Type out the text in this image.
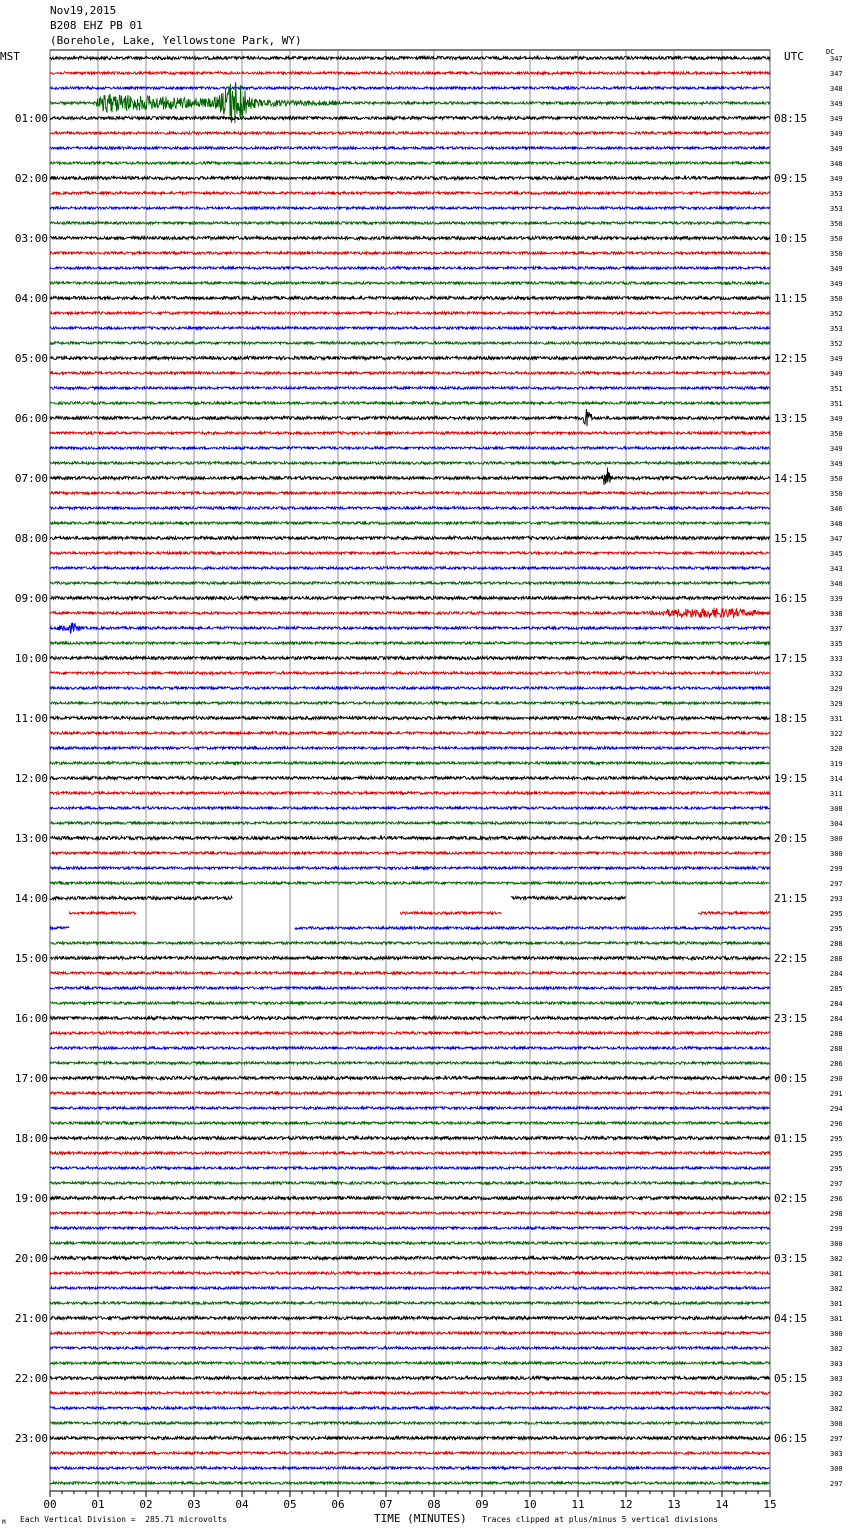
Nov19,2015
B208 EHZ PB 01
(Borehole, Lake, Yellowstone Park, WY)
MST	UTC	DC
00	01	02	03	04	05	06	07	08	09	10	11	12	13	14	15
347
347
348
349
349
349
349
348
349
353
353
350
350
350
349
349
350
352
353
352
349
349
351
351
349
350
349
349
350
350
346
348
347
345
343
340
339
338
337
335
333
332
329
329
331
322
320
319
314
311
308
304
300
300
299
297
293
295
295
288
288
284
285
284
284
288
288
286
290
291
294
296
295
295
295
297
296
298
299
300
302
301
302
301
301
300
302
303
303
302
302
300
297
303
300
297
01:00	08:15
02:00	09:15
03:00	10:15
04:00	11:15
05:00	12:15
06:00	13:15
07:00	14:15
08:00	15:15
09:00	16:15
10:00	17:15
11:00	18:15
12:00	19:15
13:00	20:15
14:00	21:15
15:00	22:15
16:00	23:15
17:00	00:15
18:00	01:15
19:00	02:15
20:00	03:15
21:00	04:15
22:00	05:15
23:00	06:15
M Each Vertical Division =  285.71 microvolts	TIME (MINUTES) Traces clipped at plus/minus 5 vertical divisions
